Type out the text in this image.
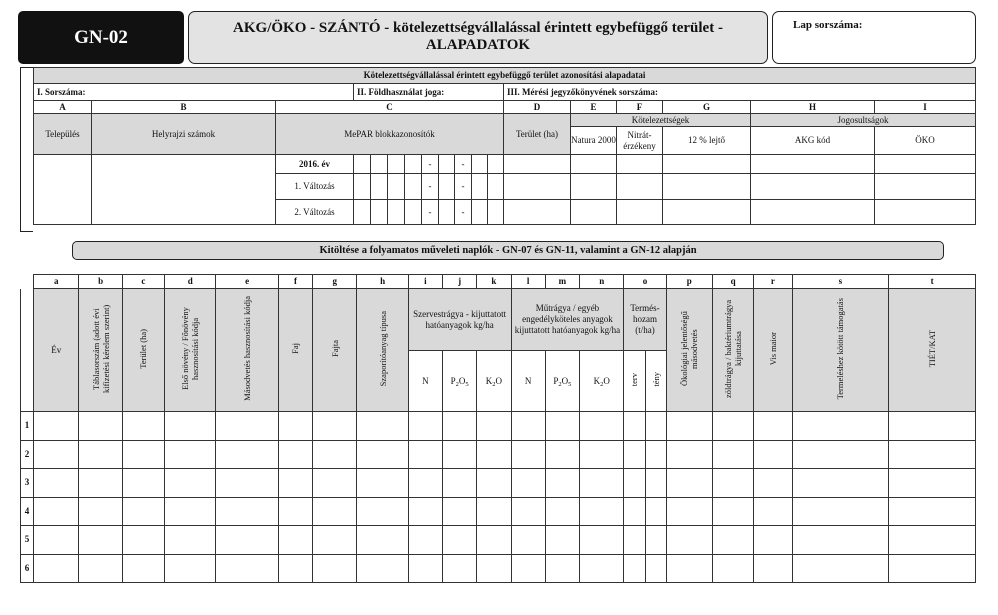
GN-02	AKG/ÖKO - SZÁNTÓ - kötelezettségvállalással érintett egybefüggő terület -
ALAPADATOK
Lap sorszáma:
Kötelezettségvállalással érintett egybefüggő terület azonosítási alapadatai																	
I. Sorszáma:			II. Földhasználat joga:									III. Mérési jegyzőkönyvének sorszáma:					
A	B	C										D	E	F	G	H	I
Település	Helyrajzi számok	MePAR blokkazonosítók										Terület (ha)	Kötelezettségek			Jogosultságok	
													Natura 2000	Nitrát-érzékeny	12 % lejtő	AKG kód	ÖKO
		2016. év					-		-								
		1. Változás					-		-								
		2. Változás					-		-								
Kitöltése a folyamatos műveleti naplók - GN-07 és GN-11, valamint a GN-12 alapján
	a	b	c	d	e	f	g	h	i	j	k	l	m	n	o		p	q	r	s	t
	Év	Táblasorszám (adott évi kifizetési kérelem szerint)	Terület (ha)	Első növény / Főnövény hasznosítási kódja	Másodvetés hasznosítási kódja	Faj	Fajta	Szaporítóanyag típusa	Szervestrágya - kijuttatott hatóanyagok kg/ha			Műtrágya / egyéb engedélyköteles anyagok kijuttatott hatóanyagok kg/ha			Termés-hozam (t/ha)		Ökológiai jelentőségű másodvetés	zöldtrágya / baktériumtrágya kijuttatása	Vis maior	Termeléshez kötött támogatás	TIÉT/KAT
									N	$P_2O_5$	$K_2O$	N	$P_2O_5$	$K_2O$	terv	tény					
1																					
2																					
3																					
4																					
5																					
6																					
